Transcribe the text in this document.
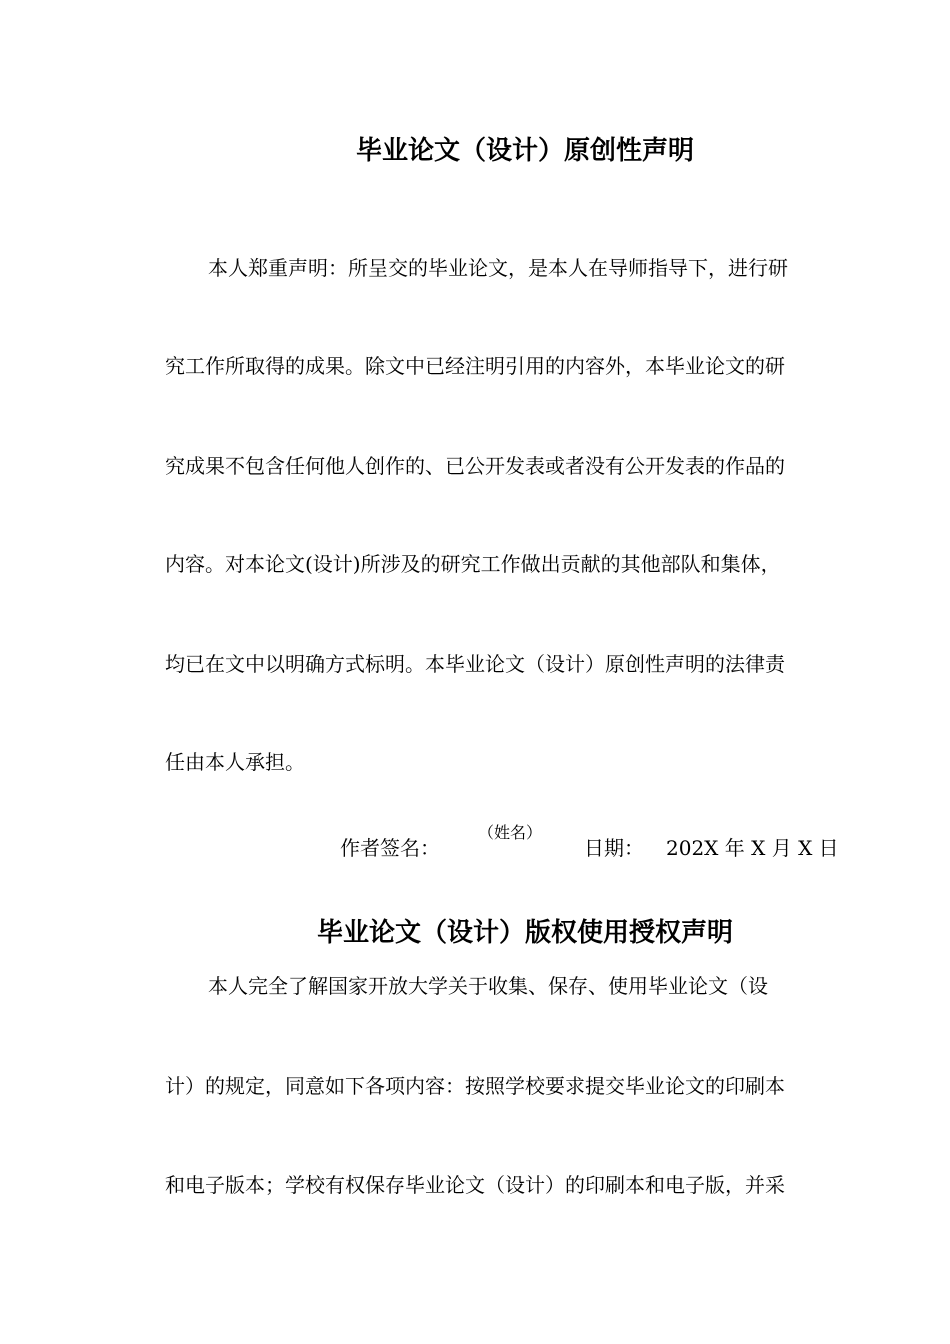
毕业论文（设计）原创性声明

本人郑重声明：所呈交的毕业论文，是本人在导师指导下，进行研

究工作所取得的成果。除文中已经注明引用的内容外，本毕业论文的研

究成果不包含任何他人创作的、已公开发表或者没有公开发表的作品的

内容。对本论文(设计)所涉及的研究工作做出贡献的其他部队和集体，

均已在文中以明确方式标明。本毕业论文（设计）原创性声明的法律责

任由本人承担。

作者签名：

（姓名）

日期： 202X 年 X 月 X 日

毕业论文（设计）版权使用授权声明

本人完全了解国家开放大学关于收集、保存、使用毕业论文（设

计）的规定，同意如下各项内容：按照学校要求提交毕业论文的印刷本

和电子版本；学校有权保存毕业论文（设计）的印刷本和电子版，并采
